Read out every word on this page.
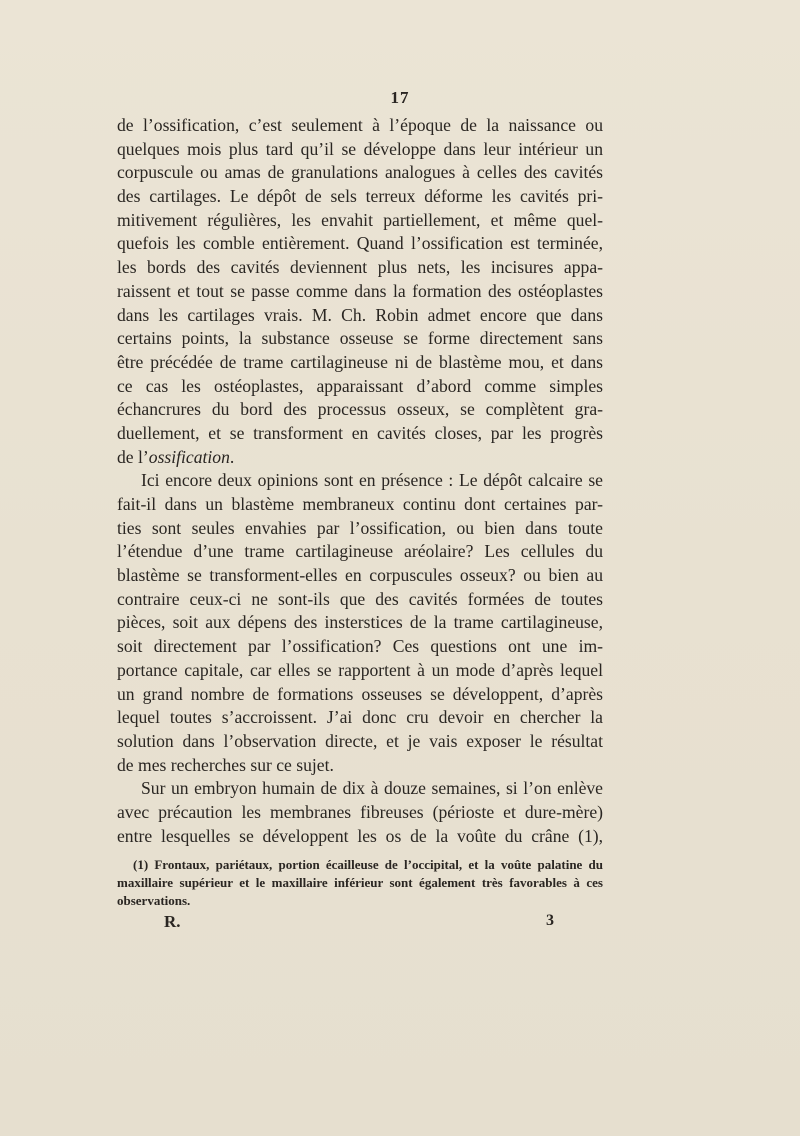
17
de l’ossification, c’est seulement à l’époque de la naissance ou
quelques mois plus tard qu’il se développe dans leur intérieur un
corpuscule ou amas de granulations analogues à celles des cavités
des cartilages. Le dépôt de sels terreux déforme les cavités pri-
mitivement régulières, les envahit partiellement, et même quel-
quefois les comble entièrement. Quand l’ossification est terminée,
les bords des cavités deviennent plus nets, les incisures appa-
raissent et tout se passe comme dans la formation des ostéoplastes
dans les cartilages vrais. M. Ch. Robin admet encore que dans
certains points, la substance osseuse se forme directement sans
être précédée de trame cartilagineuse ni de blastème mou, et dans
ce cas les ostéoplastes, apparaissant d’abord comme simples
échancrures du bord des processus osseux, se complètent gra-
duellement, et se transforment en cavités closes, par les progrès
de l’ossification.
Ici encore deux opinions sont en présence : Le dépôt calcaire se
fait-il dans un blastème membraneux continu dont certaines par-
ties sont seules envahies par l’ossification, ou bien dans toute
l’étendue d’une trame cartilagineuse aréolaire? Les cellules du
blastème se transforment-elles en corpuscules osseux? ou bien au
contraire ceux-ci ne sont-ils que des cavités formées de toutes
pièces, soit aux dépens des insterstices de la trame cartilagineuse,
soit directement par l’ossification? Ces questions ont une im-
portance capitale, car elles se rapportent à un mode d’après lequel
un grand nombre de formations osseuses se développent, d’après
lequel toutes s’accroissent. J’ai donc cru devoir en chercher la
solution dans l’observation directe, et je vais exposer le résultat
de mes recherches sur ce sujet.
Sur un embryon humain de dix à douze semaines, si l’on enlève
avec précaution les membranes fibreuses (périoste et dure-mère)
entre lesquelles se développent les os de la voûte du crâne (1),
(1) Frontaux, pariétaux, portion écailleuse de l’occipital, et la voûte palatine du
maxillaire supérieur et le maxillaire inférieur sont également très favorables à ces
observations.
R.	3
